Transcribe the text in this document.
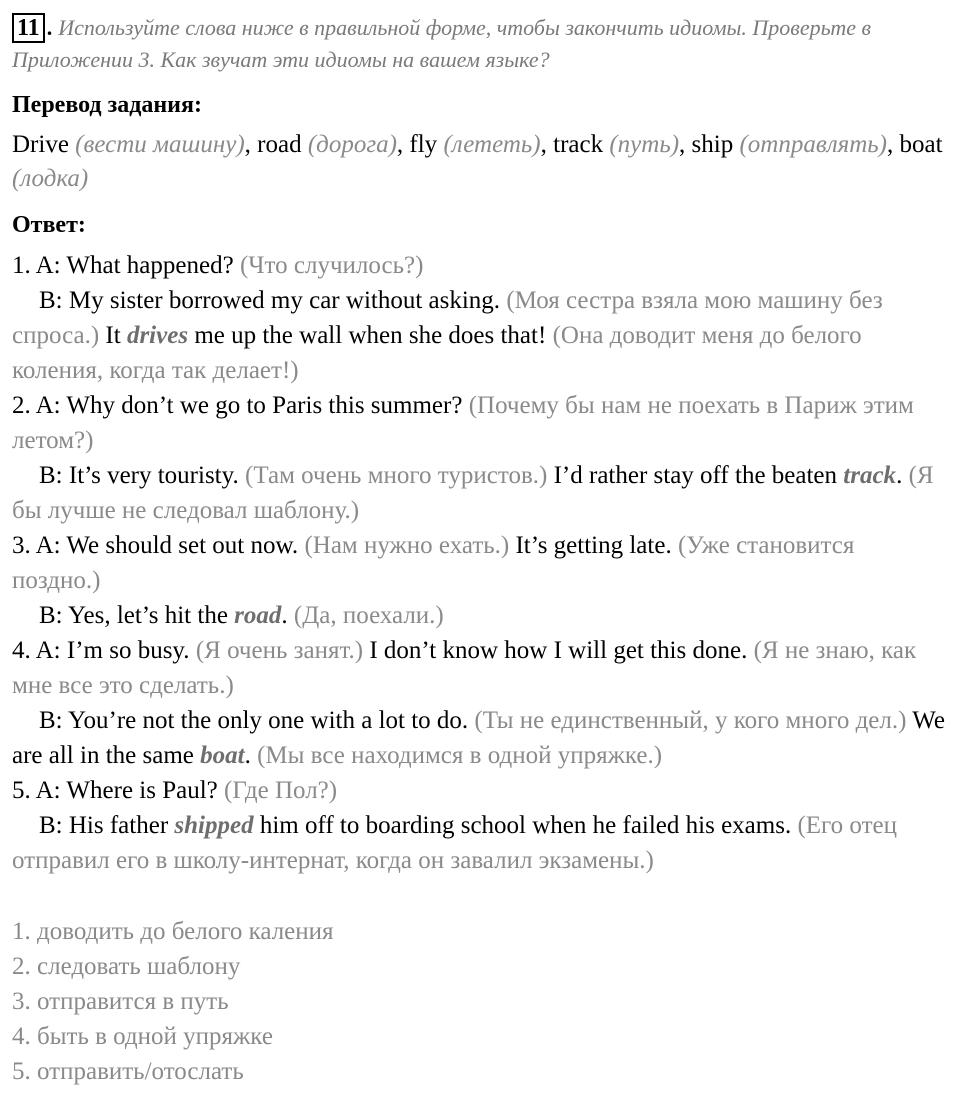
11 . Используйте слова ниже в правильной форме, чтобы закончить идиомы. Проверьте в Приложении 3. Как звучат эти идиомы на вашем языке?

Перевод задания:

Drive (вести машину), road (дорога), fly (лететь), track (путь), ship (отправлять), boat (лодка)

Ответ:

1. A: What happened? (Что случилось?)

B: My sister borrowed my car without asking. (Моя сестра взяла мою машину без спроса.) It drives me up the wall when she does that! (Она доводит меня до белого коления, когда так делает!)

2. A: Why don’t we go to Paris this summer? (Почему бы нам не поехать в Париж этим летом?)

B: It’s very touristy. (Там очень много туристов.) I’d rather stay off the beaten track. (Я бы лучше не следовал шаблону.)

3. A: We should set out now. (Нам нужно ехать.) It’s getting late. (Уже становится поздно.)

B: Yes, let’s hit the road. (Да, поехали.)

4. A: I’m so busy. (Я очень занят.) I don’t know how I will get this done. (Я не знаю, как мне все это сделать.)

B: You’re not the only one with a lot to do. (Ты не единственный, у кого много дел.) We are all in the same boat. (Мы все находимся в одной упряжке.)

5. A: Where is Paul? (Где Пол?)

B: His father shipped him off to boarding school when he failed his exams. (Его отец отправил его в школу-интернат, когда он завалил экзамены.)

1. доводить до белого каления
2. следовать шаблону
3. отправится в путь
4. быть в одной упряжке
5. отправить/отослать
